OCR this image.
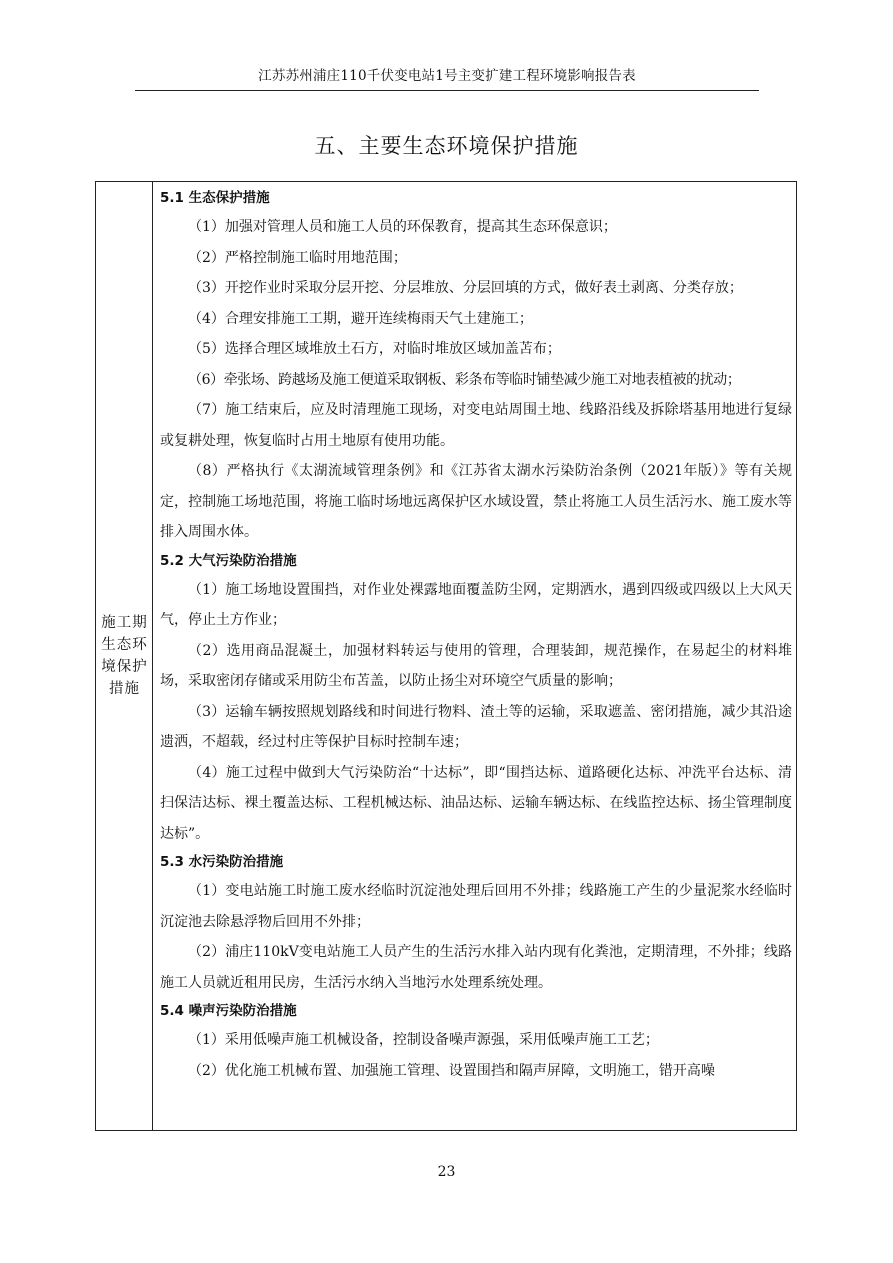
江苏苏州浦庄110千伏变电站1号主变扩建工程环境影响报告表
五、主要生态环境保护措施
施工期生态环境保护措施
5.1 生态保护措施

（1）加强对管理人员和施工人员的环保教育，提高其生态环保意识；

（2）严格控制施工临时用地范围；

（3）开挖作业时采取分层开挖、分层堆放、分层回填的方式，做好表土剥离、分类存放；

（4）合理安排施工工期，避开连续梅雨天气土建施工；

（5）选择合理区域堆放土石方，对临时堆放区域加盖苫布；

（6）牵张场、跨越场及施工便道采取钢板、彩条布等临时铺垫减少施工对地表植被的扰动；

（7）施工结束后，应及时清理施工现场，对变电站周围土地、线路沿线及拆除塔基用地进行复绿或复耕处理，恢复临时占用土地原有使用功能。

（8）严格执行《太湖流域管理条例》和《江苏省太湖水污染防治条例（2021年版）》等有关规定，控制施工场地范围，将施工临时场地远离保护区水域设置，禁止将施工人员生活污水、施工废水等排入周围水体。

5.2 大气污染防治措施

（1）施工场地设置围挡，对作业处裸露地面覆盖防尘网，定期洒水，遇到四级或四级以上大风天气，停止土方作业；

（2）选用商品混凝土，加强材料转运与使用的管理，合理装卸，规范操作，在易起尘的材料堆场，采取密闭存储或采用防尘布苫盖，以防止扬尘对环境空气质量的影响；

（3）运输车辆按照规划路线和时间进行物料、渣土等的运输，采取遮盖、密闭措施，减少其沿途遗洒，不超载，经过村庄等保护目标时控制车速；

（4）施工过程中做到大气污染防治“十达标”，即“围挡达标、道路硬化达标、冲洗平台达标、清扫保洁达标、裸土覆盖达标、工程机械达标、油品达标、运输车辆达标、在线监控达标、扬尘管理制度达标”。

5.3 水污染防治措施

（1）变电站施工时施工废水经临时沉淀池处理后回用不外排；线路施工产生的少量泥浆水经临时沉淀池去除悬浮物后回用不外排；

（2）浦庄110kV变电站施工人员产生的生活污水排入站内现有化粪池，定期清理，不外排；线路施工人员就近租用民房，生活污水纳入当地污水处理系统处理。

5.4 噪声污染防治措施

（1）采用低噪声施工机械设备，控制设备噪声源强，采用低噪声施工工艺；

（2）优化施工机械布置、加强施工管理、设置围挡和隔声屏障，文明施工，错开高噪

23
